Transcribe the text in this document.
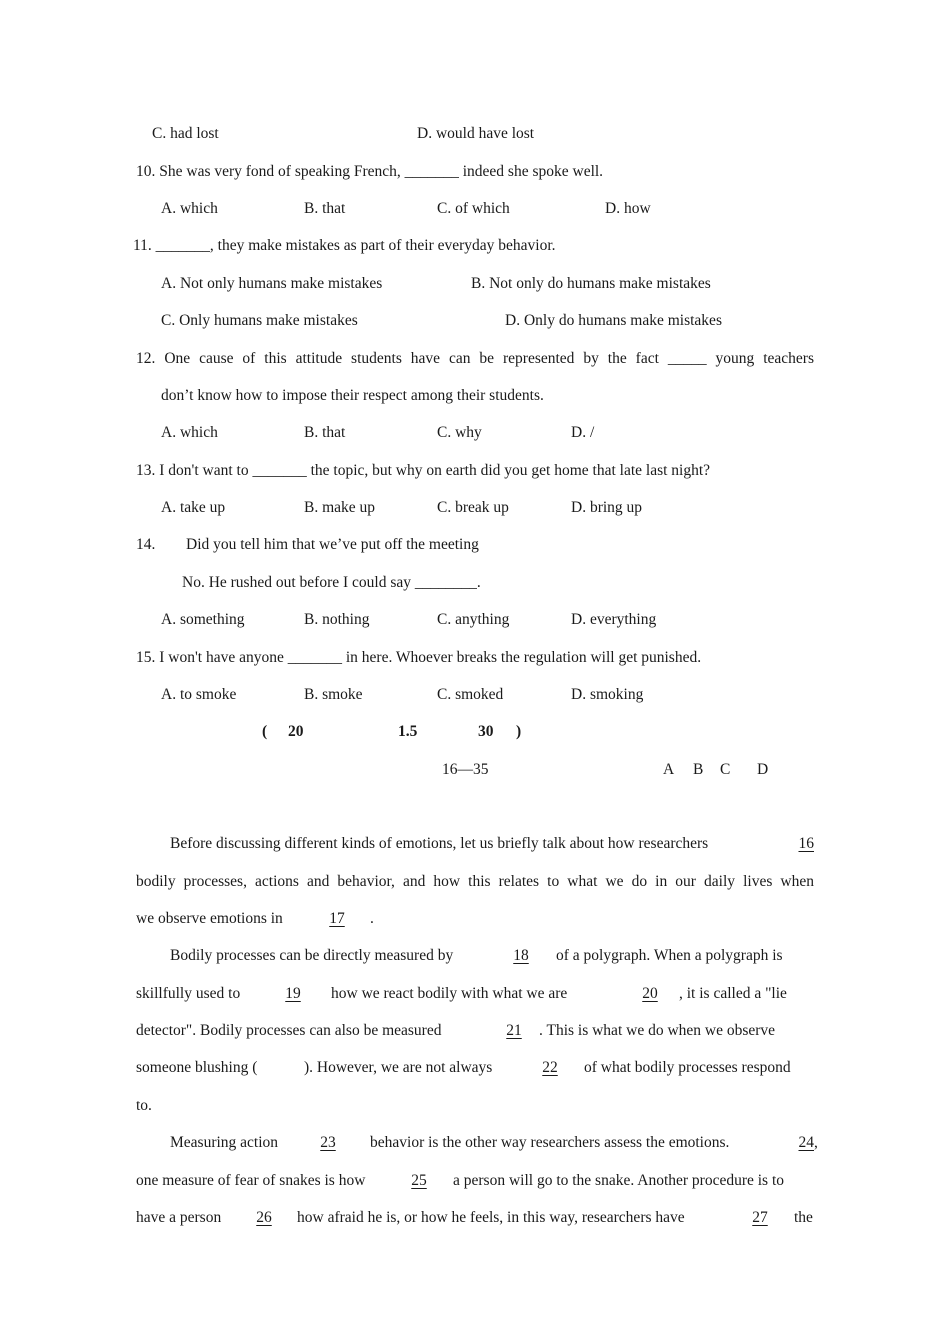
C. had lost	D. would have lost
10. She was very fond of speaking French, _______ indeed she spoke well.
A. which	B. that	C. of which	D. how
11. _______, they make mistakes as part of their everyday behavior.
A. Not only humans make mistakes	B. Not only do humans make mistakes
C. Only humans make mistakes	D. Only do humans make mistakes
12. One cause of this attitude students have can be represented by the fact _____ young teachers
don’t know how to impose their respect among their students.
A. which	B. that	C. why	D. /
13. I don't want to _______ the topic, but why on earth did you get home that late last night?
A. take up	B. make up	C. break up	D. bring up
14. Did you tell him that we’ve put off the meeting
No. He rushed out before I could say ________.
A. something	B. nothing	C. anything	D. everything
15. I won't have anyone _______ in here. Whoever breaks the regulation will get punished.
A. to smoke	B. smoke	C. smoked	D. smoking
( 20	1.5	30 )
16—35	A B C D
Before discussing different kinds of emotions, let us briefly talk about how researchers	16
bodily processes, actions and behavior, and how this relates to what we do in our daily lives when
we observe emotions in	17	.
Bodily processes can be directly measured by	18	of a polygraph. When a polygraph is
skillfully used to	19	how we react bodily with what we are	20	, it is called a "lie
detector". Bodily processes can also be measured	21	. This is what we do when we observe
someone blushing (	). However, we are not always	22	of what bodily processes respond
to.
Measuring action	23	behavior is the other way researchers assess the emotions.	24 ,
one measure of fear of snakes is how	25	a person will go to the snake. Another procedure is to
have a person	26	how afraid he is, or how he feels, in this way, researchers have	27	the
